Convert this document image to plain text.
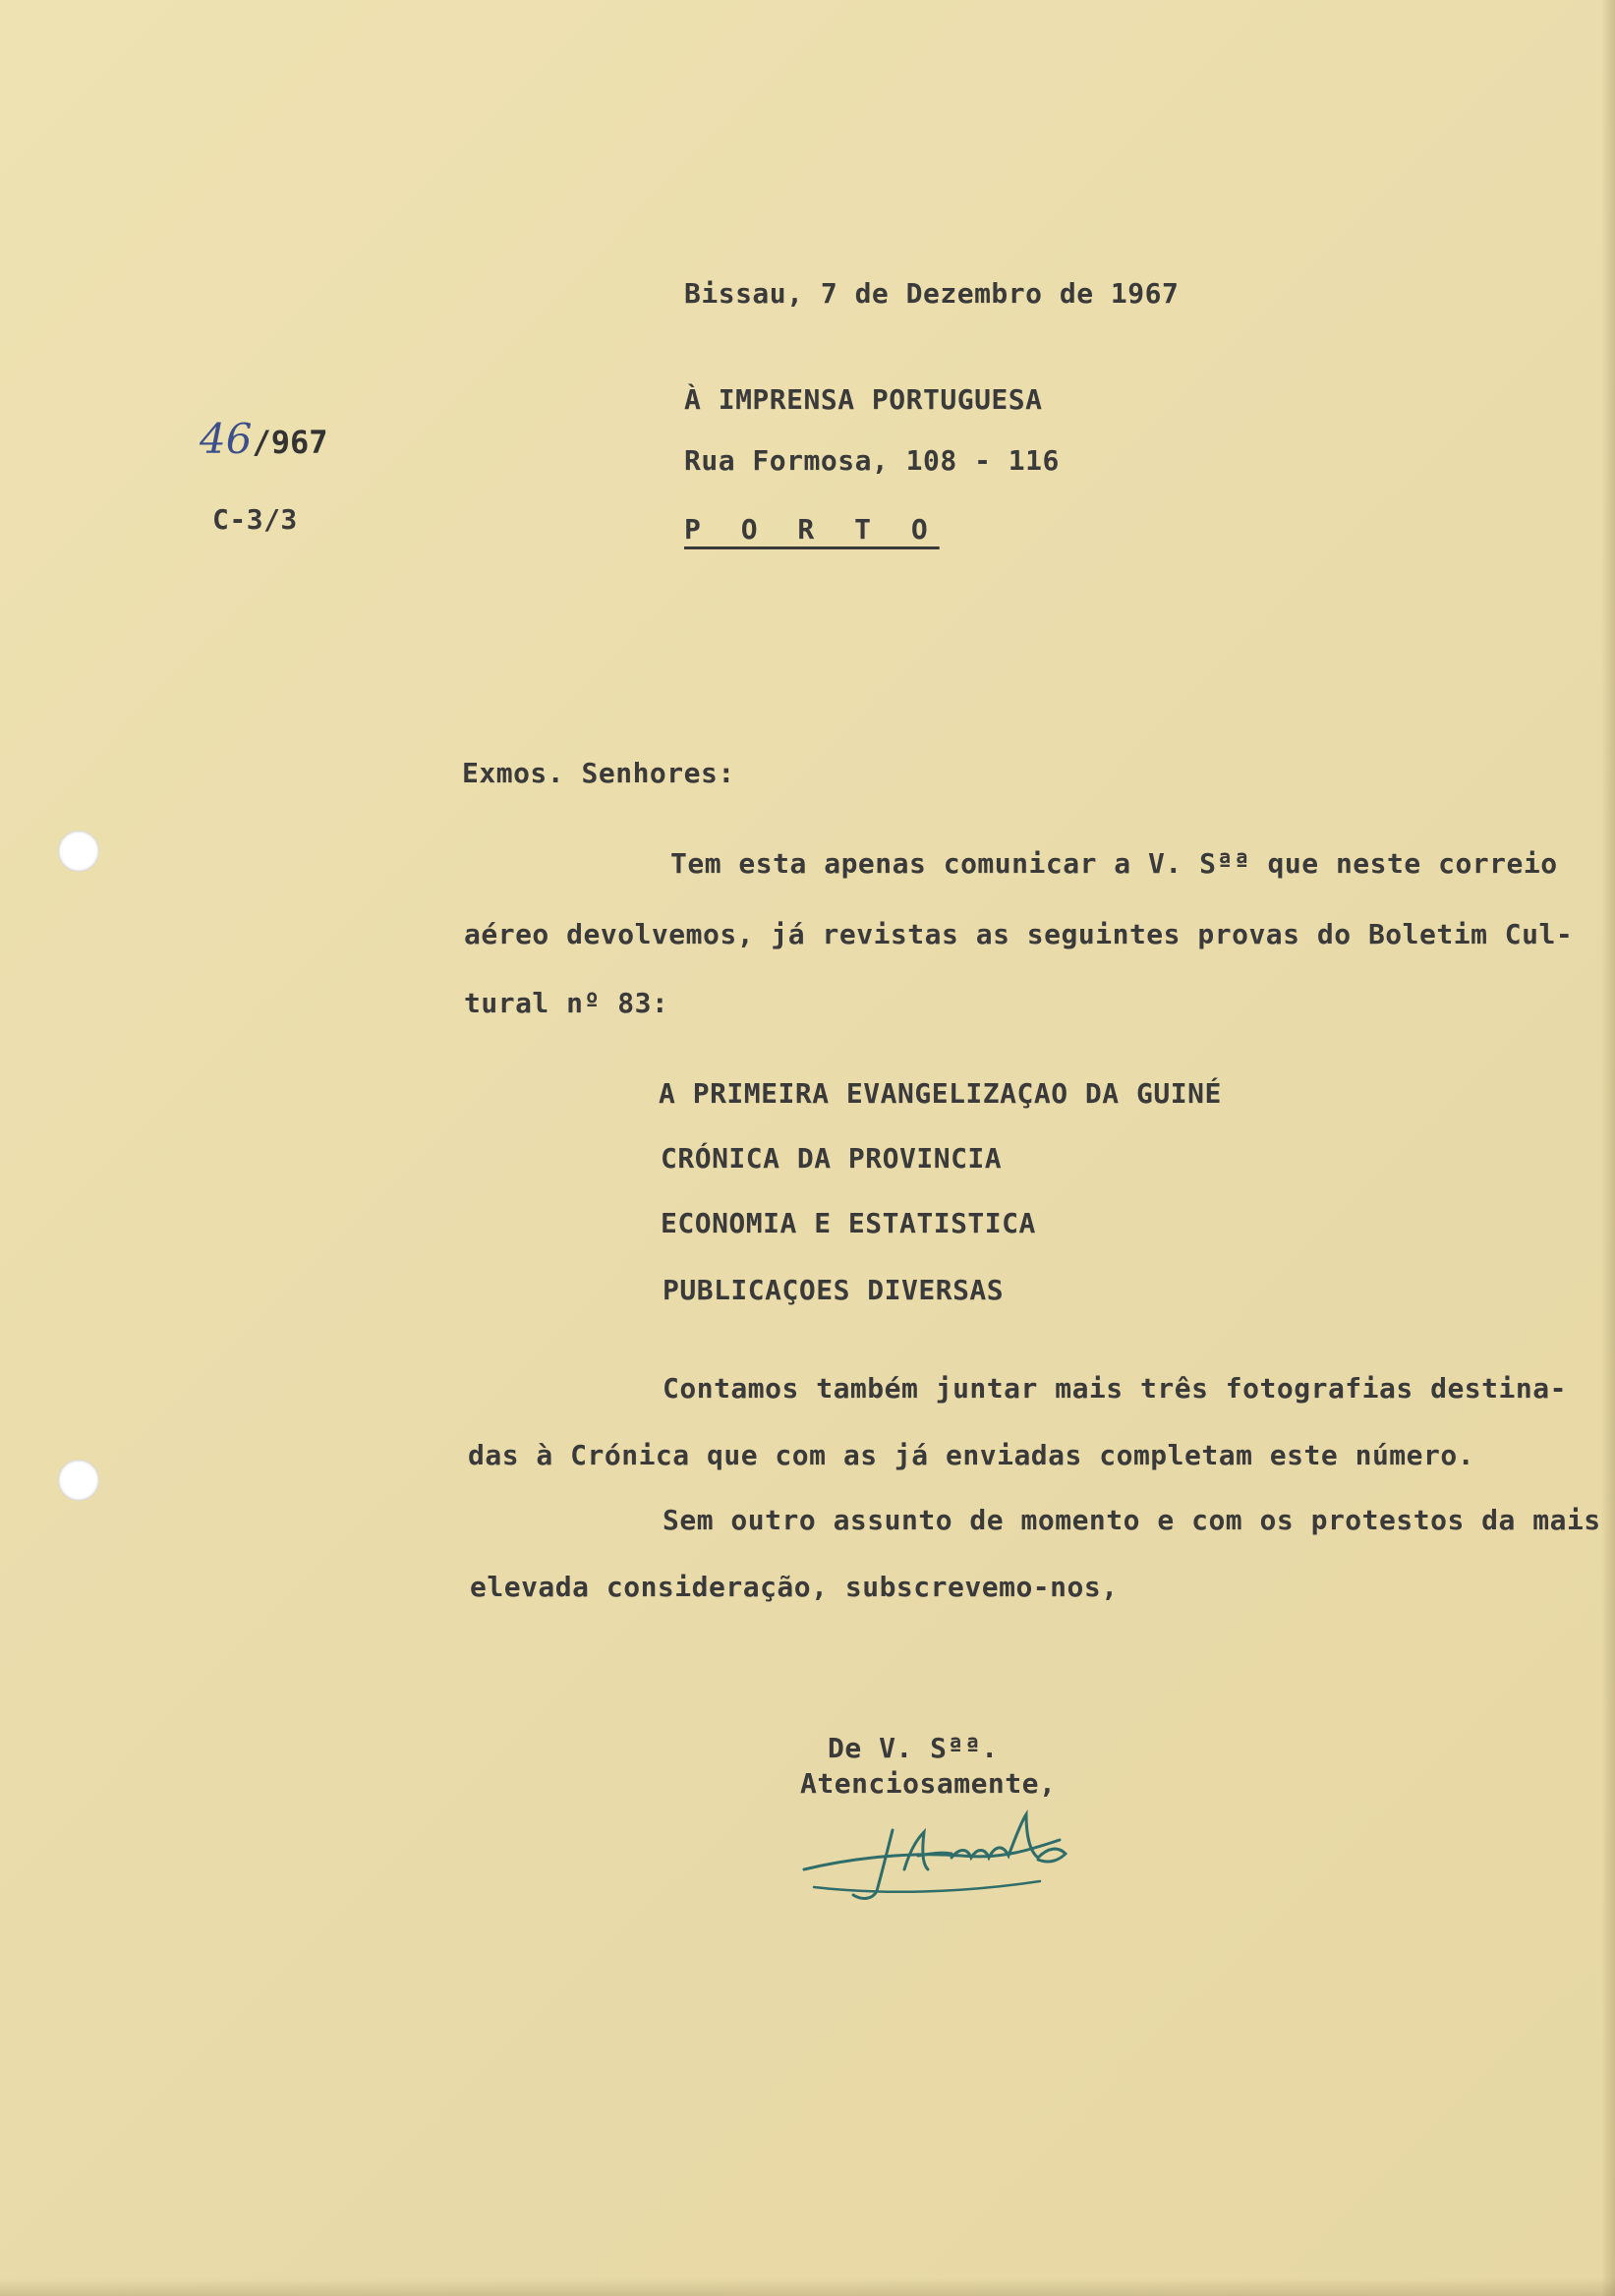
Bissau, 7 de Dezembro de 1967
À IMPRENSA PORTUGUESA
Rua Formosa, 108 - 116
P O R T O
46/967
C-3/3
Exmos. Senhores:
Tem esta apenas comunicar a V. Sªª que neste correio
aéreo devolvemos, já revistas as seguintes provas do Boletim Cul-
tural nº 83:
A PRIMEIRA EVANGELIZAÇAO DA GUINÉ
CRÓNICA DA PROVINCIA
ECONOMIA E ESTATISTICA
PUBLICAÇOES DIVERSAS
Contamos também juntar mais três fotografias destina-
das à Crónica que com as já enviadas completam este número.
Sem outro assunto de momento e com os protestos da mais
elevada consideração, subscrevemo-nos,
De V. Sªª.
Atenciosamente,
